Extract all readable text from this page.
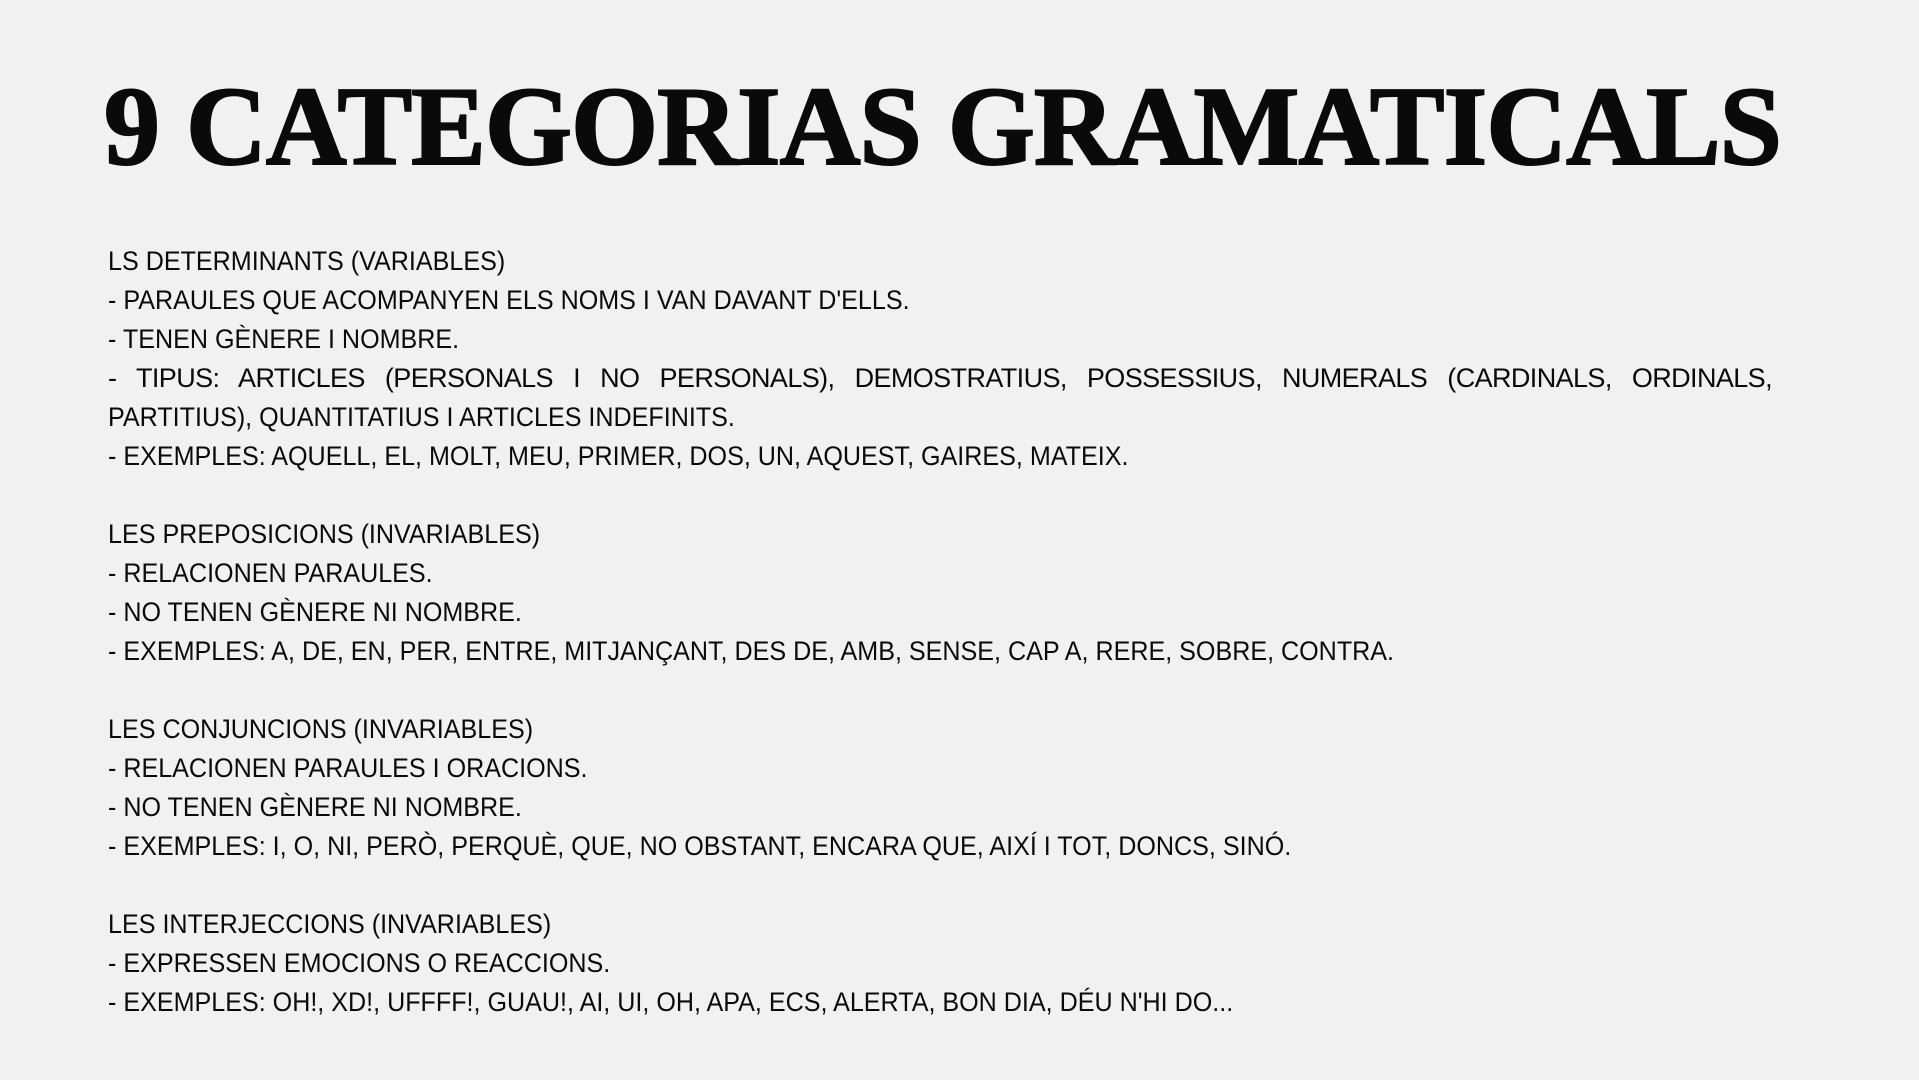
9 CATEGORIAS GRAMATICALS
LS DETERMINANTS (VARIABLES)
- PARAULES QUE ACOMPANYEN ELS NOMS I VAN DAVANT D'ELLS.
- TENEN GÈNERE I NOMBRE.
- TIPUS: ARTICLES (PERSONALS I NO PERSONALS), DEMOSTRATIUS, POSSESSIUS, NUMERALS (CARDINALS, ORDINALS,
PARTITIUS), QUANTITATIUS I ARTICLES INDEFINITS.
- EXEMPLES: AQUELL, EL, MOLT, MEU, PRIMER, DOS, UN, AQUEST, GAIRES, MATEIX.
LES PREPOSICIONS (INVARIABLES)
- RELACIONEN PARAULES.
- NO TENEN GÈNERE NI NOMBRE.
- EXEMPLES: A, DE, EN, PER, ENTRE, MITJANÇANT, DES DE, AMB, SENSE, CAP A, RERE, SOBRE, CONTRA.
LES CONJUNCIONS (INVARIABLES)
- RELACIONEN PARAULES I ORACIONS.
- NO TENEN GÈNERE NI NOMBRE.
- EXEMPLES: I, O, NI, PERÒ, PERQUÈ, QUE, NO OBSTANT, ENCARA QUE, AIXÍ I TOT, DONCS, SINÓ.
LES INTERJECCIONS (INVARIABLES)
- EXPRESSEN EMOCIONS O REACCIONS.
- EXEMPLES: OH!, XD!, UFFFF!, GUAU!, AI, UI, OH, APA, ECS, ALERTA, BON DIA, DÉU N'HI DO...
